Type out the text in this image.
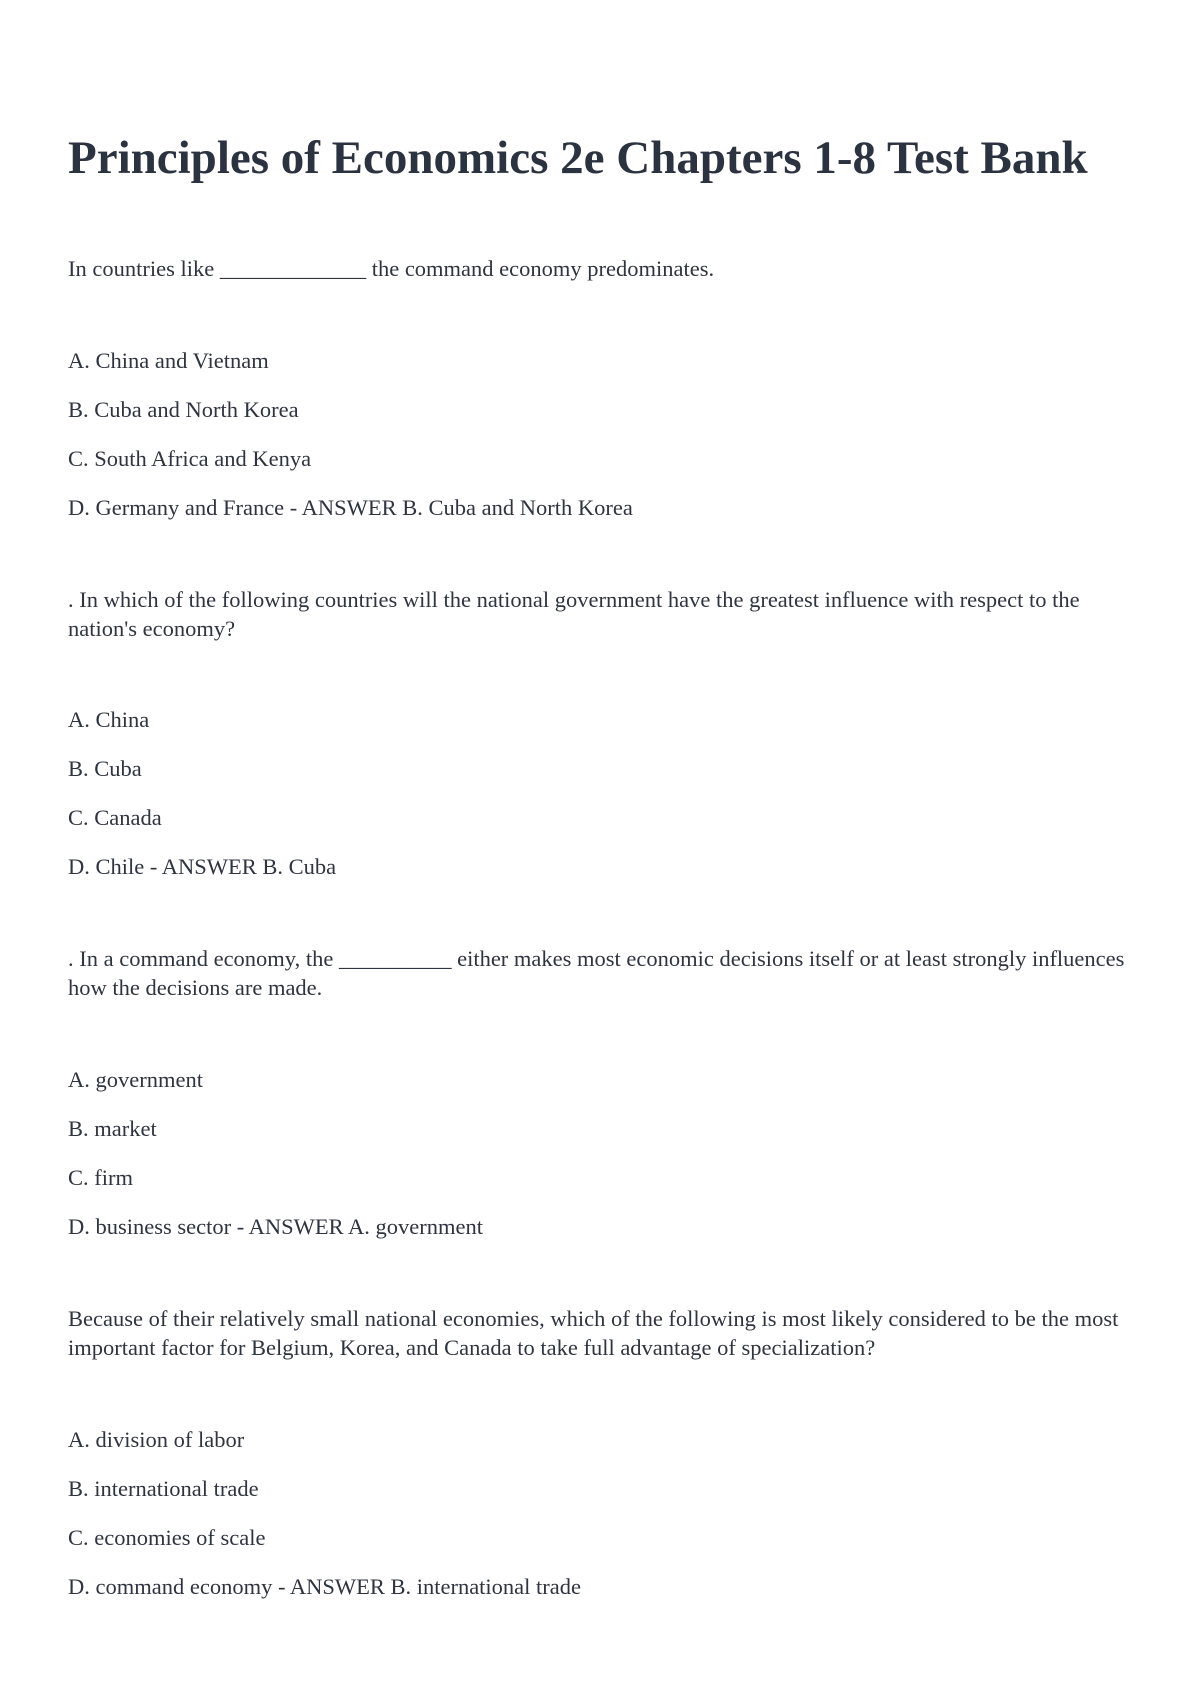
Principles of Economics 2e Chapters 1-8 Test Bank

In countries like _____________ the command economy predominates.

A. China and Vietnam

B. Cuba and North Korea

C. South Africa and Kenya

D. Germany and France - ANSWER B. Cuba and North Korea

. In which of the following countries will the national government have the greatest influence with respect to the nation's economy?

A. China

B. Cuba

C. Canada

D. Chile - ANSWER B. Cuba

. In a command economy, the __________ either makes most economic decisions itself or at least strongly influences how the decisions are made.

A. government

B. market

C. firm

D. business sector - ANSWER A. government

Because of their relatively small national economies, which of the following is most likely considered to be the most important factor for Belgium, Korea, and Canada to take full advantage of specialization?

A. division of labor

B. international trade

C. economies of scale

D. command economy - ANSWER B. international trade
